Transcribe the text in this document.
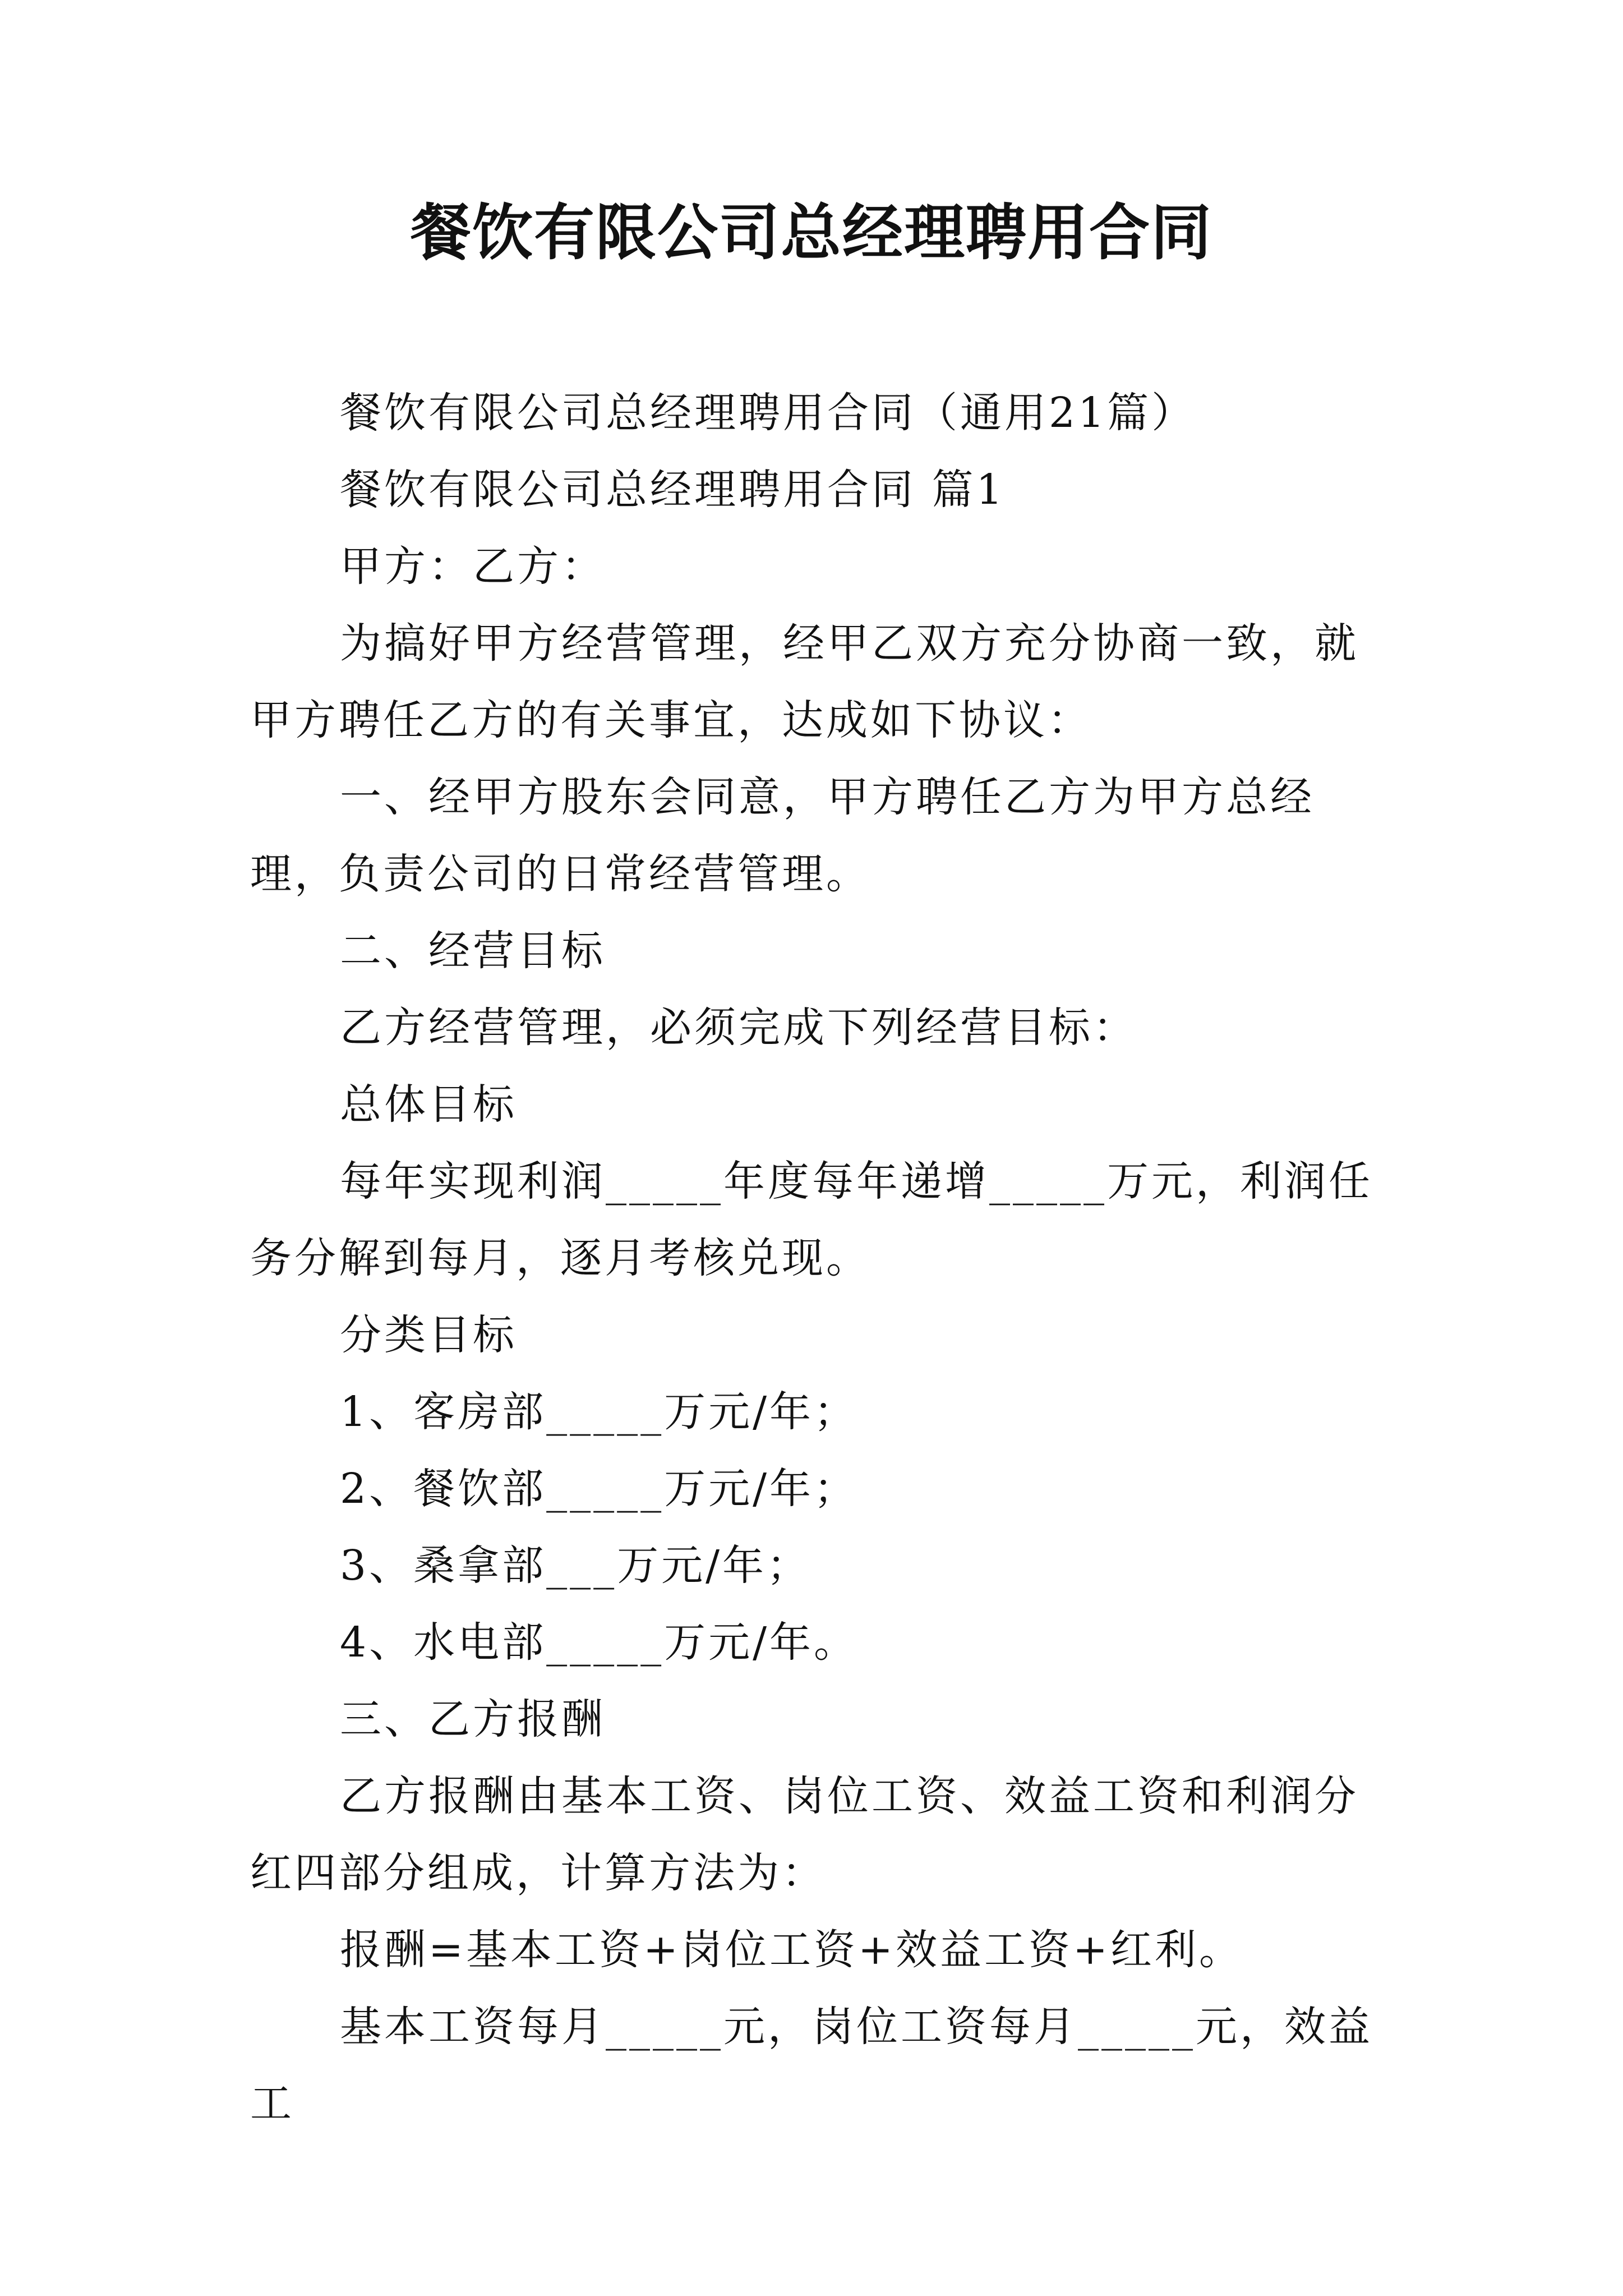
餐饮有限公司总经理聘用合同

餐饮有限公司总经理聘用合同（通用21篇）

餐饮有限公司总经理聘用合同 篇1

甲方：乙方：

为搞好甲方经营管理，经甲乙双方充分协商一致，就甲方聘任乙方的有关事宜，达成如下协议：

一、经甲方股东会同意，甲方聘任乙方为甲方总经理，负责公司的日常经营管理。

二、经营目标

乙方经营管理，必须完成下列经营目标：

总体目标

每年实现利润_____年度每年递增_____万元，利润任务分解到每月，逐月考核兑现。

分类目标

1、客房部_____万元/年；

2、餐饮部_____万元/年；

3、桑拿部___万元/年；

4、水电部_____万元/年。

三、乙方报酬

乙方报酬由基本工资、岗位工资、效益工资和利润分红四部分组成，计算方法为：

报酬=基本工资+岗位工资+效益工资+红利。

基本工资每月_____元，岗位工资每月_____元，效益工
